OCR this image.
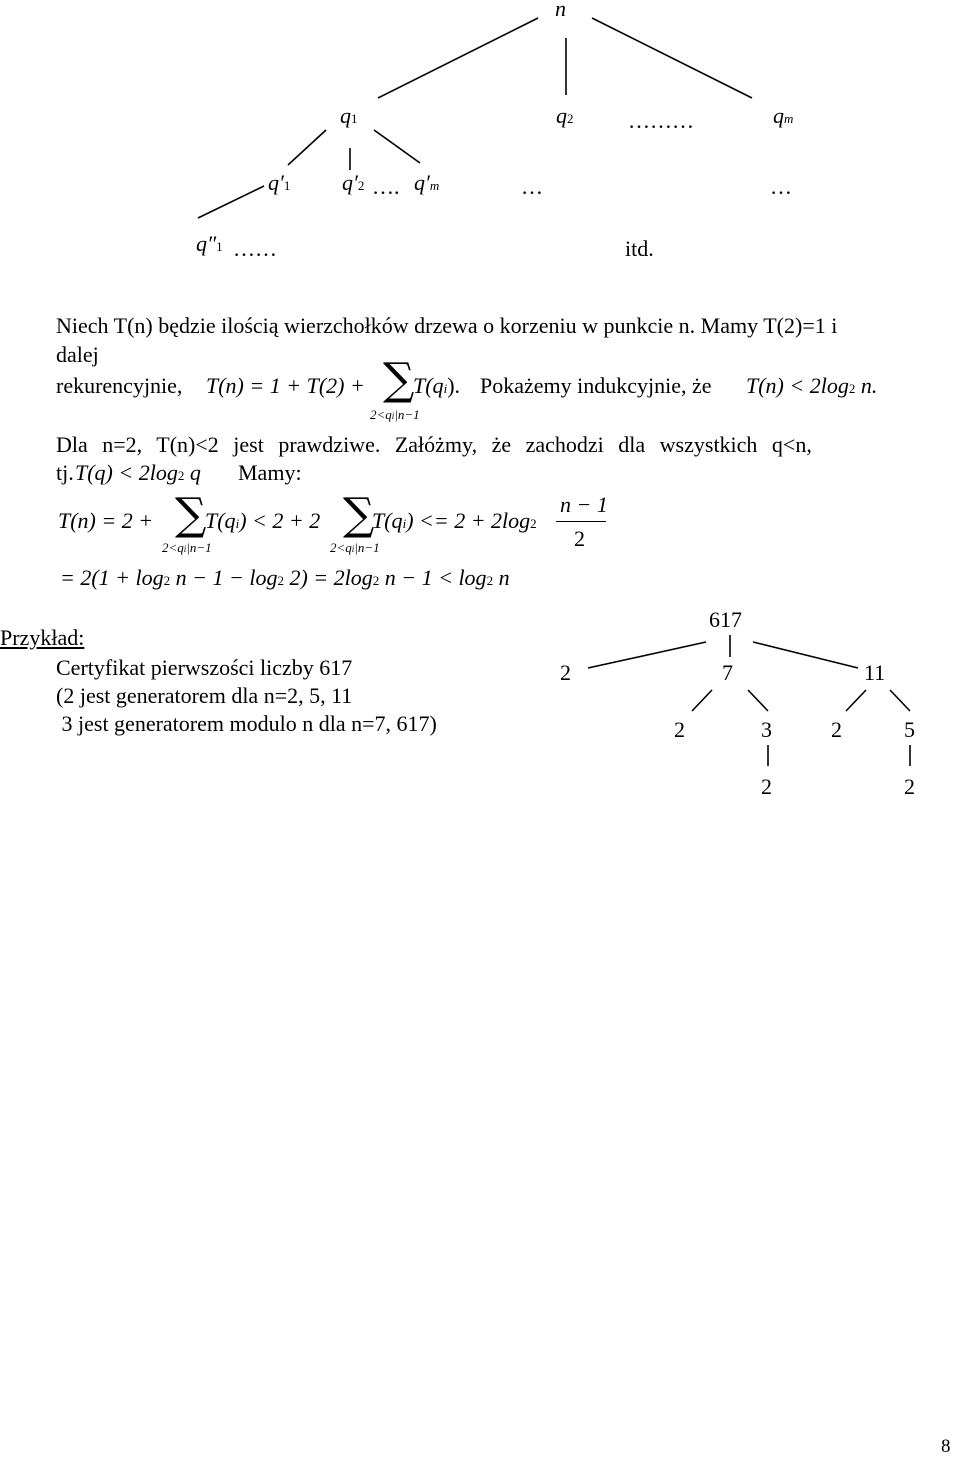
n
q1	q2 ………	qm
q′1 q′2 …. q′m	…	…
q″1 ……	itd.
Niech T(n) będzie ilością wierzchołków drzewa o korzeniu w punkcie n. Mamy T(2)=1 i
dalej
rekurencyjnie, T(n) = 1 + T(2) + ∑
T(qi).
2<qi|n−1
Pokażemy indukcyjnie, że T(n) < 2log2 n.
Dla n=2, T(n)<2 jest prawdziwe. Załóżmy, że zachodzi dla wszystkich q<n,
tj. T(q) < 2log2 q Mamy:
T(n) = 2 + ∑
T(qi) < 2 + 2 ∑
T(qi) <= 2 + 2log2
n − 1
2
2<qi|n−1	2<qi|n−1
= 2(1 + log2 n − 1 − log2 2) = 2log2 n − 1 < log2 n
Przykład:
Certyfikat pierwszości liczby 617
(2 jest generatorem dla n=2, 5, 11
3 jest generatorem modulo n dla n=7, 617)
617
2	7	11
2	3	2	5
2	2
8
